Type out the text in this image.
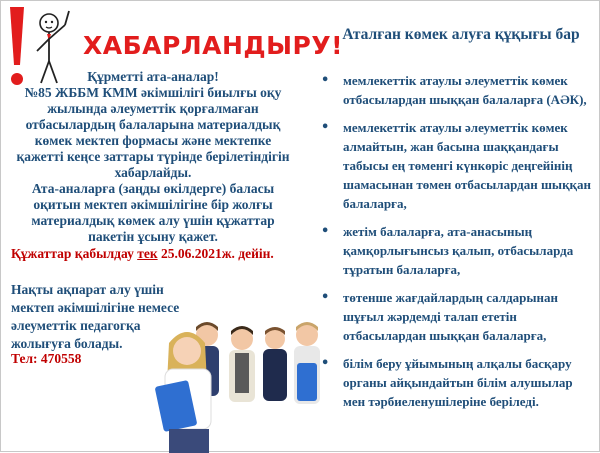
ХАБАРЛАНДЫРУ!

Құрметті ата-аналар!

№85 ЖББМ КММ әкімшілігі биылғы оқу жылында әлеуметтік қорғалмаған отбасылардың балаларына материалдық көмек мектеп формасы және мектепке қажетті кеңсе заттары түрінде берілетіндігін хабарлайды.

Ата-аналарға (заңды өкілдерге) баласы оқитын мектеп әкімшілігіне бір жолғы материалдық көмек алу үшін құжаттар пакетін ұсыну қажет.

Құжаттар қабылдау тек 25.06.2021ж. дейін.
Нақты ақпарат алу үшін мектеп әкімшілігіне немесе әлеуметтік педагогқа жолығуға болады.
Тел: 470558
Аталған көмек алуға құқығы бар
• мемлекеттік атаулы әлеуметтік көмек отбасылардан шыққан балаларға (АӘК),
• мемлекеттік атаулы әлеуметтік көмек алмайтын, жан басына шаққандағы табысы ең төменгі күнкөріс деңгейінің шамасынан төмен отбасылардан шыққан балаларға,
• жетім балаларға, ата-анасының қамқорлығынсыз қалып, отбасыларда тұратын балаларға,
• төтенше жағдайлардың салдарынан шұғыл жәрдемді талап ететін отбасылардан шыққан балаларға,
• білім беру ұйымының алқалы басқару органы айқындайтын білім алушылар мен тәрбиеленушілеріне беріледі.
